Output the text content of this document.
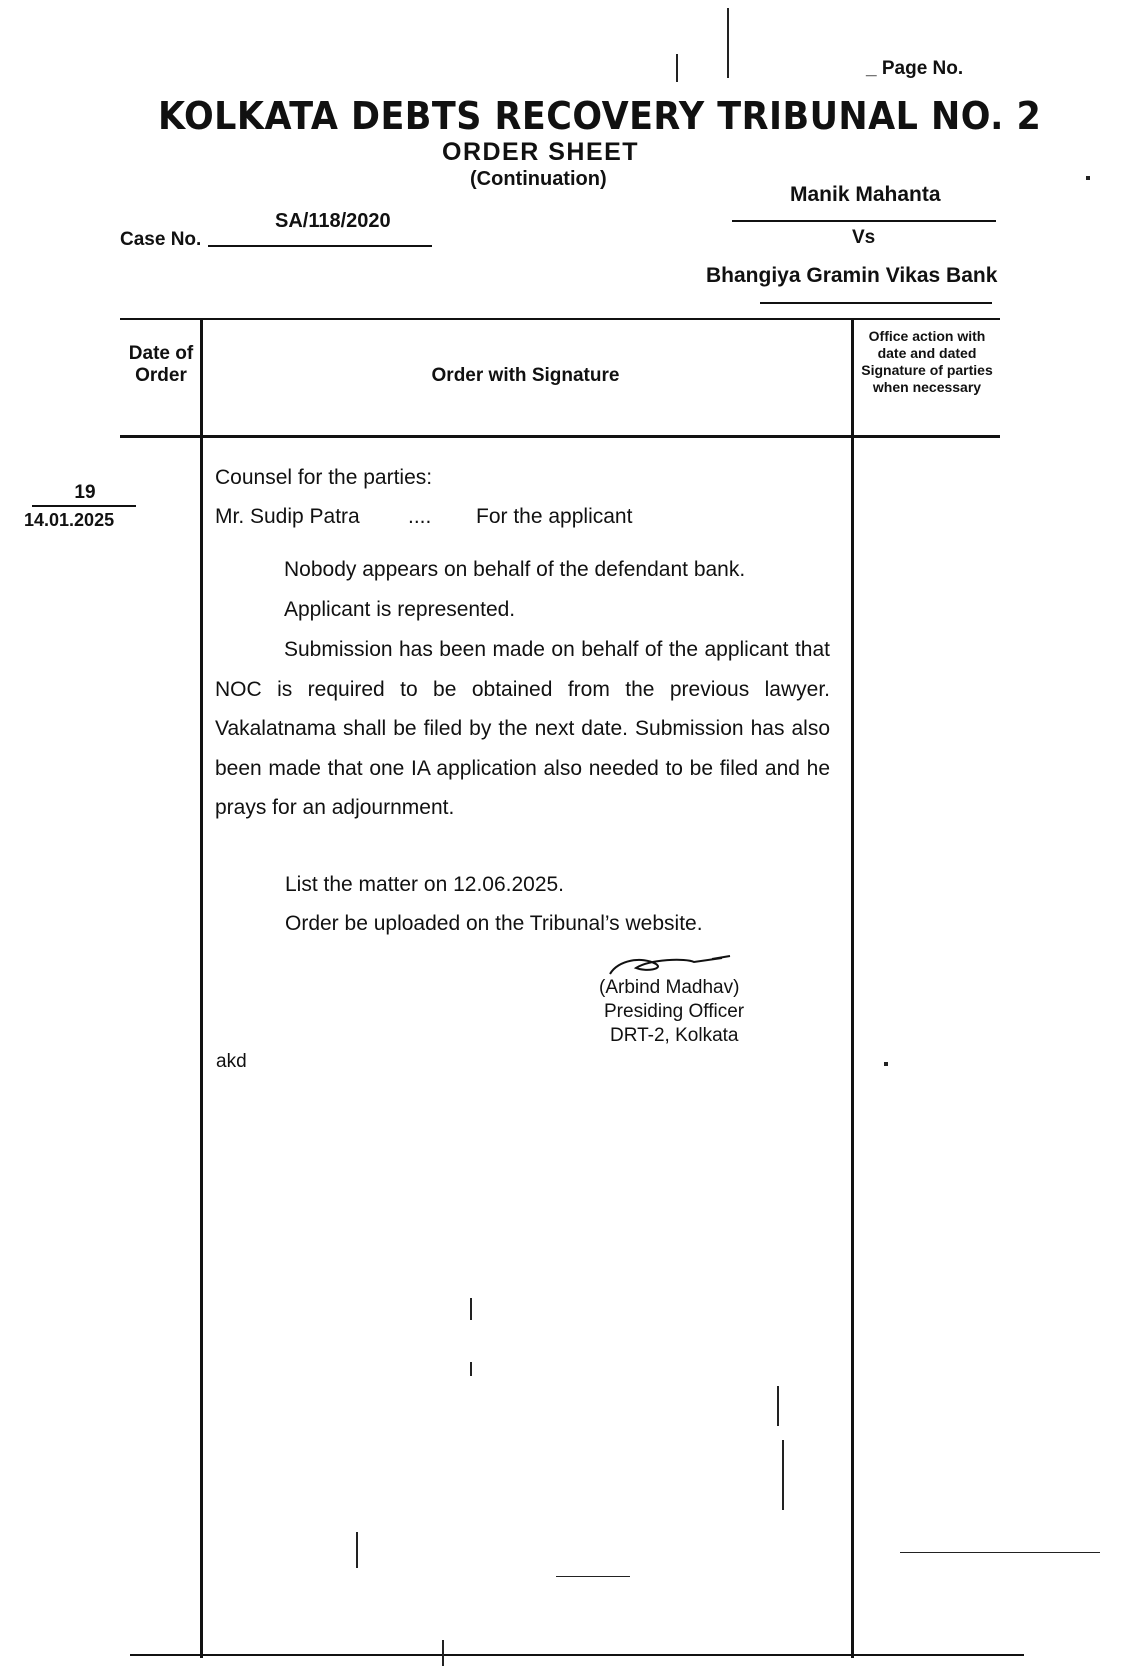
_ Page No.
KOLKATA DEBTS RECOVERY TRIBUNAL NO. 2
ORDER SHEET
(Continuation)
Manik Mahanta
Vs
Bhangiya Gramin Vikas Bank
Case No.
SA/118/2020
Date of Order	Order with Signature
Office action with date and dated Signature of parties when necessary
19
14.01.2025
Counsel for the parties:
Mr. Sudip Patra .... For the applicant
Nobody appears on behalf of the defendant bank.
Applicant is represented.
Submission has been made on behalf of the applicant that NOC is required to be obtained from the previous lawyer. Vakalatnama shall be filed by the next date. Submission has also been made that one IA application also needed to be filed and he prays for an adjournment.
List the matter on 12.06.2025.
Order be uploaded on the Tribunal’s website.
(Arbind Madhav)
Presiding Officer
DRT-2, Kolkata
akd
